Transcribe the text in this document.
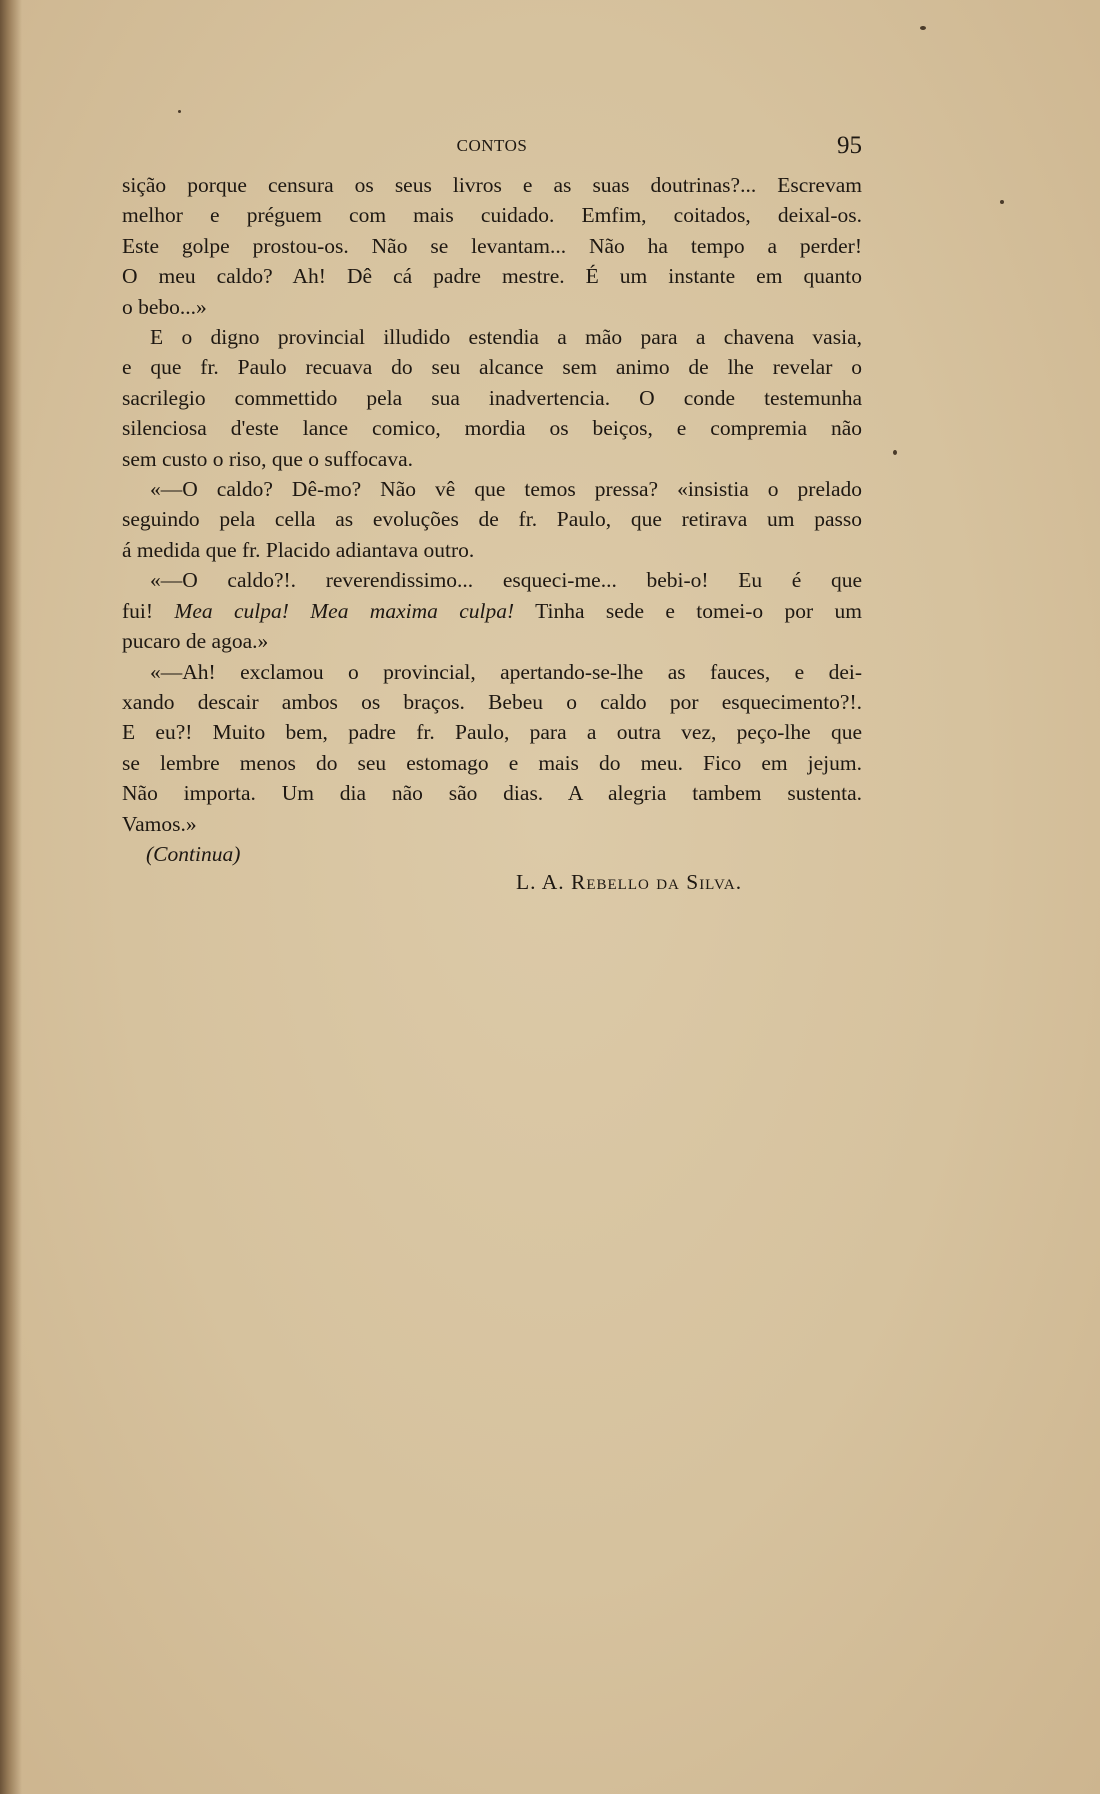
CONTOS	95
sição porque censura os seus livros e as suas doutrinas?... Escrevam
melhor e préguem com mais cuidado. Emfim, coitados, deixal-os.
Este golpe prostou-os. Não se levantam... Não ha tempo a perder!
O meu caldo? Ah! Dê cá padre mestre. É um instante em quanto
o bebo...»
E o digno provincial illudido estendia a mão para a chavena vasia,
e que fr. Paulo recuava do seu alcance sem animo de lhe revelar o
sacrilegio commettido pela sua inadvertencia. O conde testemunha
silenciosa d'este lance comico, mordia os beiços, e compremia não
sem custo o riso, que o suffocava.
«—O caldo? Dê-mo? Não vê que temos pressa? «insistia o prelado
seguindo pela cella as evoluções de fr. Paulo, que retirava um passo
á medida que fr. Placido adiantava outro.
«—O caldo?!. reverendissimo... esqueci-me... bebi-o! Eu é que
fui! Mea culpa! Mea maxima culpa! Tinha sede e tomei-o por um
pucaro de agoa.»
«—Ah! exclamou o provincial, apertando-se-lhe as fauces, e dei-
xando descair ambos os braços. Bebeu o caldo por esquecimento?!.
E eu?! Muito bem, padre fr. Paulo, para a outra vez, peço-lhe que
se lembre menos do seu estomago e mais do meu. Fico em jejum.
Não importa. Um dia não são dias. A alegria tambem sustenta.
Vamos.»
(Continua)
L. A. Rebello da Silva.
